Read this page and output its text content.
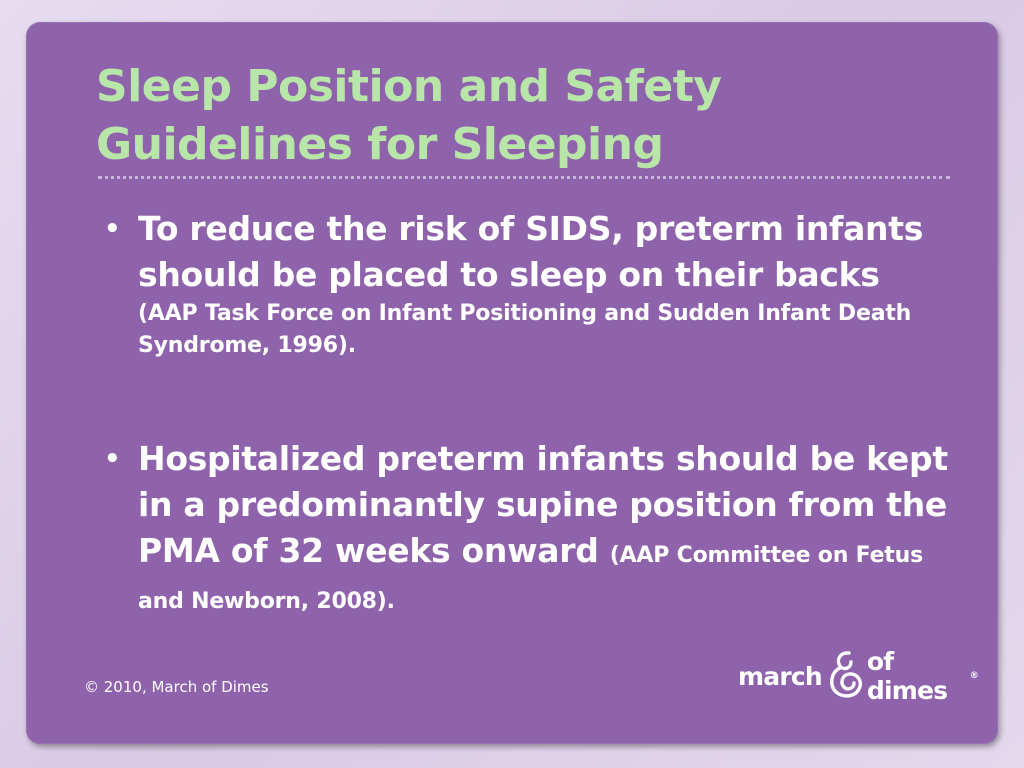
Sleep Position and Safety
Guidelines for Sleeping
• To reduce the risk of SIDS, preterm infants should be placed to sleep on their backs
(AAP Task Force on Infant Positioning and Sudden Infant Death Syndrome, 1996).
• Hospitalized preterm infants should be kept in a predominantly supine position from the PMA of 32 weeks onward (AAP Committee on Fetus and Newborn, 2008).
© 2010, March of Dimes	march of dimes	®
